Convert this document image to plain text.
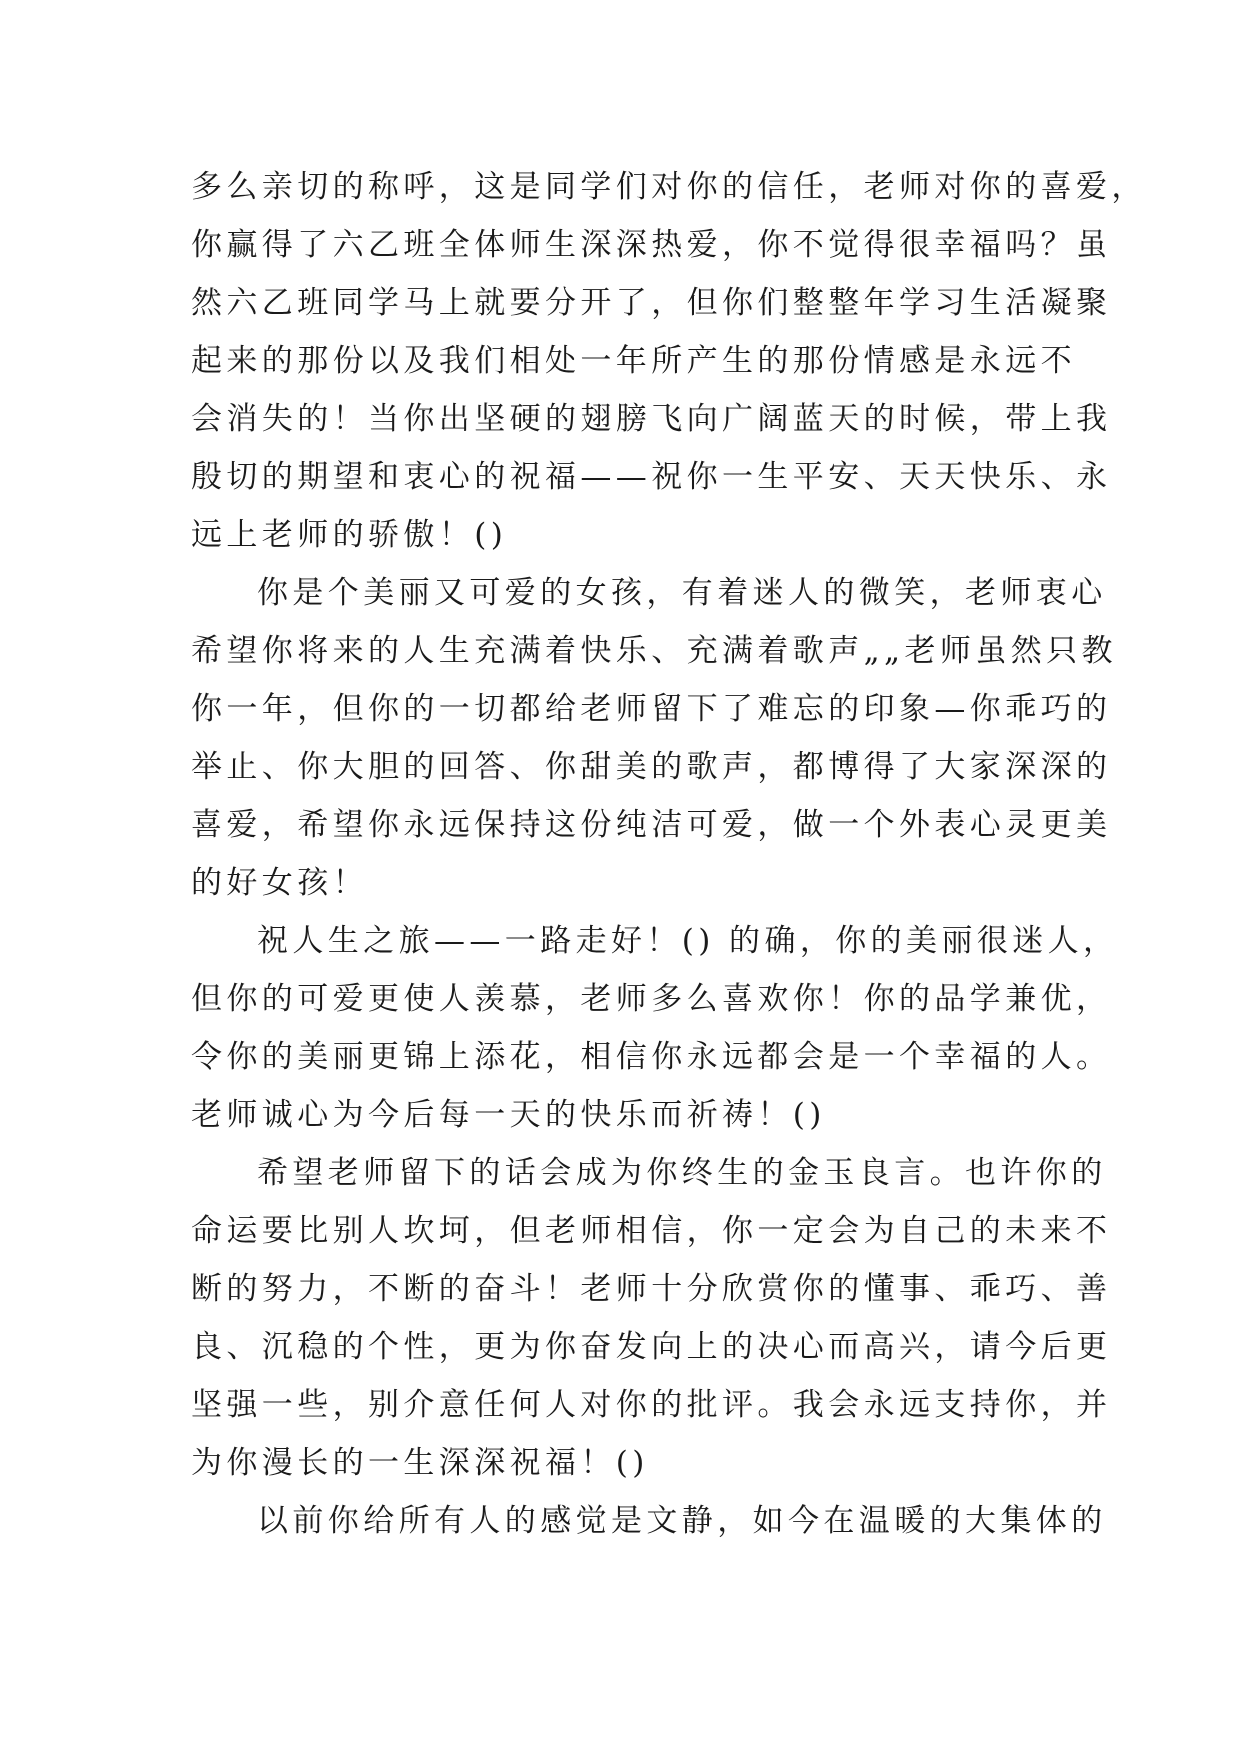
多么亲切的称呼，这是同学们对你的信任，老师对你的喜爱，
你赢得了六乙班全体师生深深热爱，你不觉得很幸福吗？虽
然六乙班同学马上就要分开了，但你们整整年学习生活凝聚
起来的那份以及我们相处一年所产生的那份情感是永远不
会消失的！当你出坚硬的翅膀飞向广阔蓝天的时候，带上我
殷切的期望和衷心的祝福——祝你一生平安、天天快乐、永
远上老师的骄傲！()
你是个美丽又可爱的女孩，有着迷人的微笑，老师衷心
希望你将来的人生充满着快乐、充满着歌声„„老师虽然只教
你一年，但你的一切都给老师留下了难忘的印象—你乖巧的
举止、你大胆的回答、你甜美的歌声，都博得了大家深深的
喜爱，希望你永远保持这份纯洁可爱，做一个外表心灵更美
的好女孩！
祝人生之旅——一路走好！() 的确，你的美丽很迷人，
但你的可爱更使人羡慕，老师多么喜欢你！你的品学兼优，
令你的美丽更锦上添花，相信你永远都会是一个幸福的人。
老师诚心为今后每一天的快乐而祈祷！()
希望老师留下的话会成为你终生的金玉良言。也许你的
命运要比别人坎坷，但老师相信，你一定会为自己的未来不
断的努力，不断的奋斗！老师十分欣赏你的懂事、乖巧、善
良、沉稳的个性，更为你奋发向上的决心而高兴，请今后更
坚强一些，别介意任何人对你的批评。我会永远支持你，并
为你漫长的一生深深祝福！()
以前你给所有人的感觉是文静，如今在温暖的大集体的
